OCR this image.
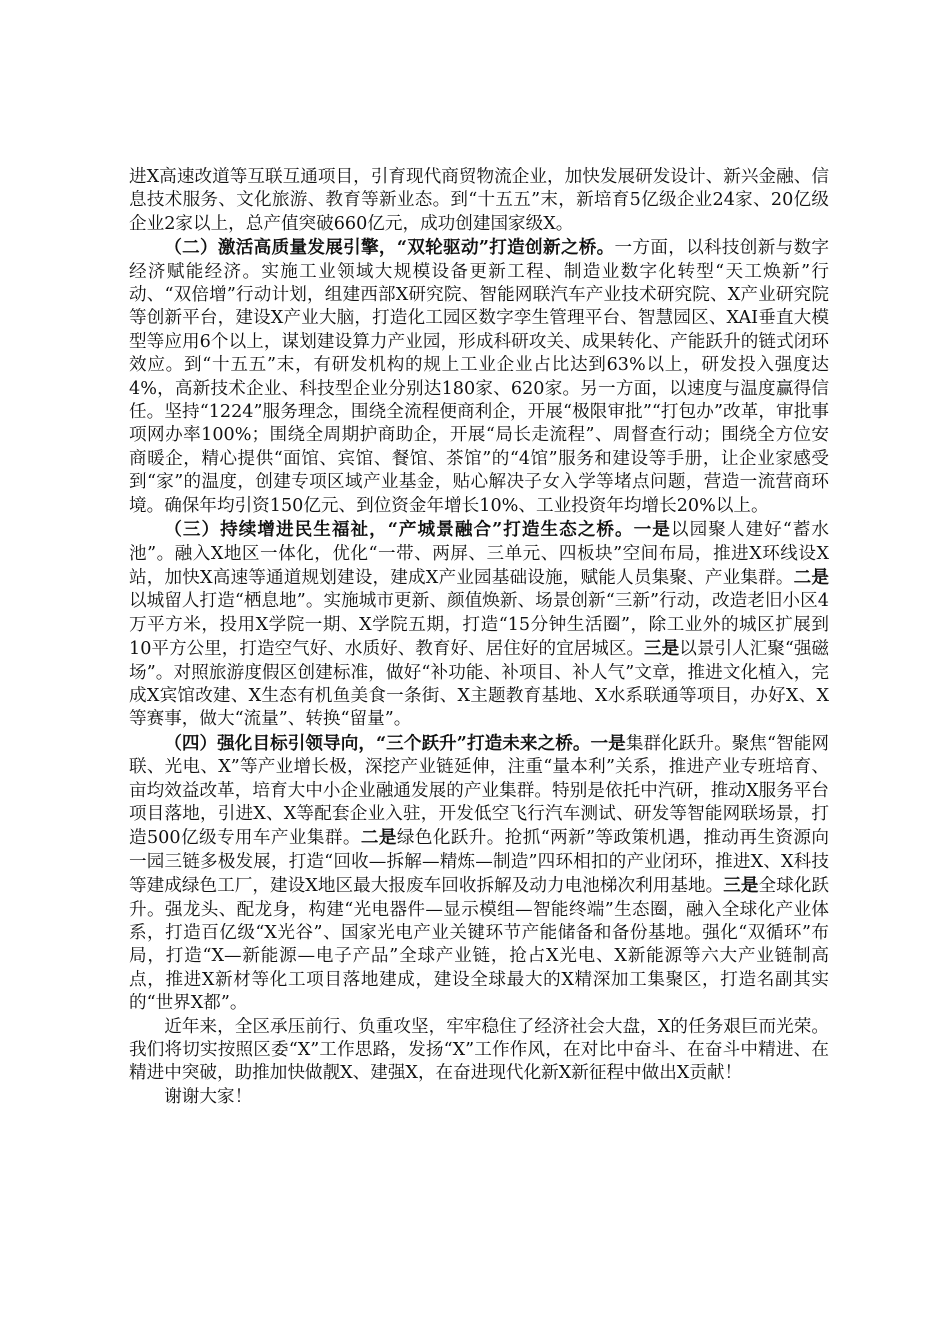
进X高速改道等互联互通项目，引育现代商贸物流企业，加快发展研发设计、新兴金融、信息技术服务、文化旅游、教育等新业态。到“十五五”末，新培育5亿级企业24家、20亿级企业2家以上，总产值突破660亿元，成功创建国家级X。

（二）激活高质量发展引擎，“双轮驱动”打造创新之桥。一方面，以科技创新与数字经济赋能经济。实施工业领域大规模设备更新工程、制造业数字化转型“天工焕新”行动、“双倍增”行动计划，组建西部X研究院、智能网联汽车产业技术研究院、X产业研究院等创新平台，建设X产业大脑，打造化工园区数字孪生管理平台、智慧园区、XAI垂直大模型等应用6个以上，谋划建设算力产业园，形成科研攻关、成果转化、产能跃升的链式闭环效应。到“十五五”末，有研发机构的规上工业企业占比达到63%以上，研发投入强度达4%，高新技术企业、科技型企业分别达180家、620家。另一方面，以速度与温度赢得信任。坚持“1224”服务理念，围绕全流程便商利企，开展“极限审批”“打包办”改革，审批事项网办率100%；围绕全周期护商助企，开展“局长走流程”、周督查行动；围绕全方位安商暖企，精心提供“面馆、宾馆、餐馆、茶馆”的“4馆”服务和建设等手册，让企业家感受到“家”的温度，创建专项区域产业基金，贴心解决子女入学等堵点问题，营造一流营商环境。确保年均引资150亿元、到位资金年增长10%、工业投资年均增长20%以上。

（三）持续增进民生福祉，“产城景融合”打造生态之桥。一是以园聚人建好“蓄水池”。融入X地区一体化，优化“一带、两屏、三单元、四板块”空间布局，推进X环线设X站，加快X高速等通道规划建设，建成X产业园基础设施，赋能人员集聚、产业集群。二是以城留人打造“栖息地”。实施城市更新、颜值焕新、场景创新“三新”行动，改造老旧小区4万平方米，投用X学院一期、X学院五期，打造“15分钟生活圈”，除工业外的城区扩展到10平方公里，打造空气好、水质好、教育好、居住好的宜居城区。三是以景引人汇聚“强磁场”。对照旅游度假区创建标准，做好“补功能、补项目、补人气”文章，推进文化植入，完成X宾馆改建、X生态有机鱼美食一条街、X主题教育基地、X水系联通等项目，办好X、X等赛事，做大“流量”、转换“留量”。

（四）强化目标引领导向，“三个跃升”打造未来之桥。一是集群化跃升。聚焦“智能网联、光电、X”等产业增长极，深挖产业链延伸，注重“量本利”关系，推进产业专班培育、亩均效益改革，培育大中小企业融通发展的产业集群。特别是依托中汽研，推动X服务平台项目落地，引进X、X等配套企业入驻，开发低空飞行汽车测试、研发等智能网联场景，打造500亿级专用车产业集群。二是绿色化跃升。抢抓“两新”等政策机遇，推动再生资源向一园三链多极发展，打造“回收—拆解—精炼—制造”四环相扣的产业闭环，推进X、X科技等建成绿色工厂，建设X地区最大报废车回收拆解及动力电池梯次利用基地。三是全球化跃升。强龙头、配龙身，构建“光电器件—显示模组—智能终端”生态圈，融入全球化产业体系，打造百亿级“X光谷”、国家光电产业关键环节产能储备和备份基地。强化“双循环”布局，打造“X—新能源—电子产品”全球产业链，抢占X光电、X新能源等六大产业链制高点，推进X新材等化工项目落地建成，建设全球最大的X精深加工集聚区，打造名副其实的“世界X都”。

近年来，全区承压前行、负重攻坚，牢牢稳住了经济社会大盘，X的任务艰巨而光荣。我们将切实按照区委“X”工作思路，发扬“X”工作作风，在对比中奋斗、在奋斗中精进、在精进中突破，助推加快做靓X、建强X，在奋进现代化新X新征程中做出X贡献！

谢谢大家！
